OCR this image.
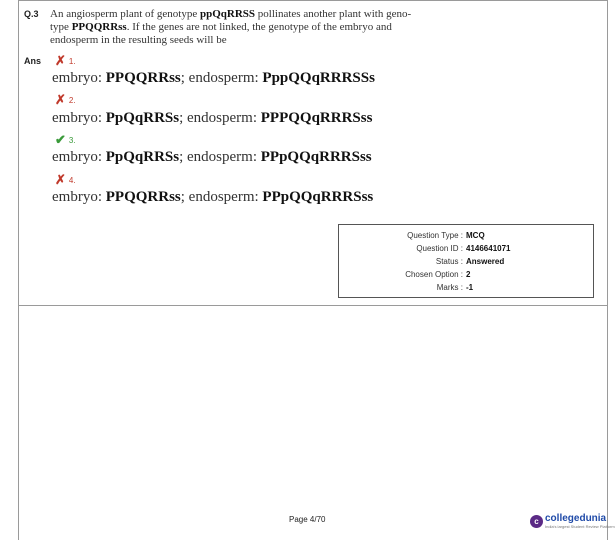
Q.3 An angiosperm plant of genotype ppQqRRSS pollinates another plant with geno-
type PPQQRRss. If the genes are not linked, the genotype of the embryo and
endosperm in the resulting seeds will be
Ans ✗ 1.
embryo: PPQQRRss; endosperm: PppQQqRRRSSs
✗ 2.
embryo: PpQqRRSs; endosperm: PPPQQqRRRSss
✔ 3.
embryo: PpQqRRSs; endosperm: PPpQQqRRRSss
✗ 4.
embryo: PPQQRRss; endosperm: PPpQQqRRRSss
Question Type : MCQ
Question ID : 4146641071
Status : Answered
Chosen Option : 2
Marks : -1
Page 4/70	c collegedunia
India's largest Student Review Platform
